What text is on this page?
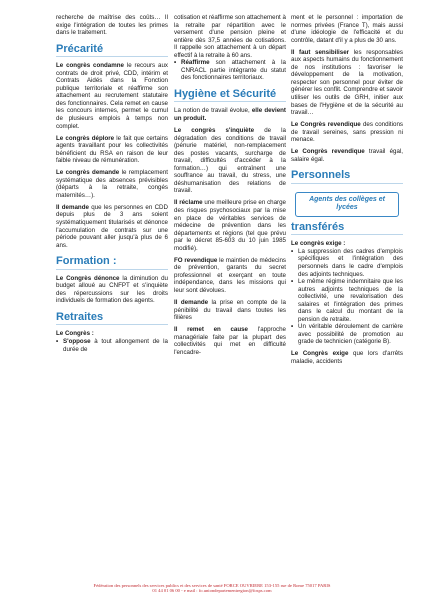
recherche de maîtrise des coûts… Il exige l'intégration de toutes les primes dans le traitement.

Précarité

Le congrès condamne le recours aux contrats de droit privé, CDD, intérim et Contrats Aidés dans la Fonction publique territoriale et réaffirme son attachement au recrutement statutaire des fonctionnaires. Cela remet en cause les concours internes, permet le cumul de plusieurs emplois à temps non complet.

Le congrès déplore le fait que certains agents travaillant pour les collectivités bénéficient du RSA en raison de leur faible niveau de rémunération.

Le congrès demande le remplacement systématique des absences prévisibles (départs à la retraite, congés maternités…).

Il demande que les personnes en CDD depuis plus de 3 ans soient systématiquement titularisés et dénonce l'accumulation de contrats sur une période pouvant aller jusqu'à plus de 6 ans.

Formation :

Le Congrès dénonce la diminution du budget alloué au CNFPT et s'inquiète des répercussions sur les droits individuels de formation des agents.

Retraites

Le Congrès :

• S'oppose à tout allongement de la durée de

cotisation et réaffirme son attachement à la retraite par répartition avec le versement d'une pension pleine et entière dès 37,5 années de cotisations. Il rappelle son attachement à un départ effectif à la retraite à 60 ans.

• Réaffirme son attachement à la CNRACL partie intégrante du statut des fonctionnaires territoriaux.
Hygiène et Sécurité

La notion de travail évolue, elle devient un produit.

Le congrès s'inquiète de la dégradation des conditions de travail (pénurie matériel, non-remplacement des postes vacants, surcharge de travail, difficultés d'accéder à la formation…) qui entraînent une souffrance au travail, du stress, une déshumanisation des relations de travail.

Il réclame une meilleure prise en charge des risques psychosociaux par la mise en place de véritables services de médecine de prévention dans les départements et régions (tel que prévu par le décret 85-603 du 10 juin 1985 modifié).

FO revendique le maintien de médecins de prévention, garants du secret professionnel et exerçant en toute indépendance, dans les missions qui leur sont dévolues.

Il demande la prise en compte de la pénibilité du travail dans toutes les filières

Il remet en cause l'approche managériale faite par la plupart des collectivités qui met en difficulté l'encadre-

ment et le personnel : importation de normes privées (France T), mais aussi d'une idéologie de l'efficacité et du contrôle, datant d'il y a plus de 30 ans.

Il faut sensibiliser les responsables aux aspects humains du fonctionnement de nos institutions : favoriser le développement de la motivation, respecter son personnel pour éviter de générer les conflit. Comprendre et savoir utiliser les outils de GRH, initier aux bases de l'Hygiène et de la sécurité au travail…

Le Congrès revendique des conditions de travail sereines, sans pression ni menace.

Le Congrès revendique travail égal, salaire égal.

Personnels
Agents des collèges et lycées
transférés

Le congrès exige :

• La suppression des cadres d'emplois spécifiques et l'intégration des personnels dans le cadre d'emplois des adjoints techniques.
• Le même régime indemnitaire que les autres adjoints techniques de la collectivité, une revalorisation des salaires et l'intégration des primes dans le calcul du montant de la pension de retraite.
• Un véritable déroulement de carrière avec possibilité de promotion au grade de technicien (catégorie B).

Le Congrès exige que lors d'arrêts maladie, accidents

Fédération des personnels des services publics et des services de santé FORCE OUVRIERE 153-155 rue de Rome 75017 PARIS
01 44 01 06 00 - e mail : fo.uniondepartementregion@fosps.com
